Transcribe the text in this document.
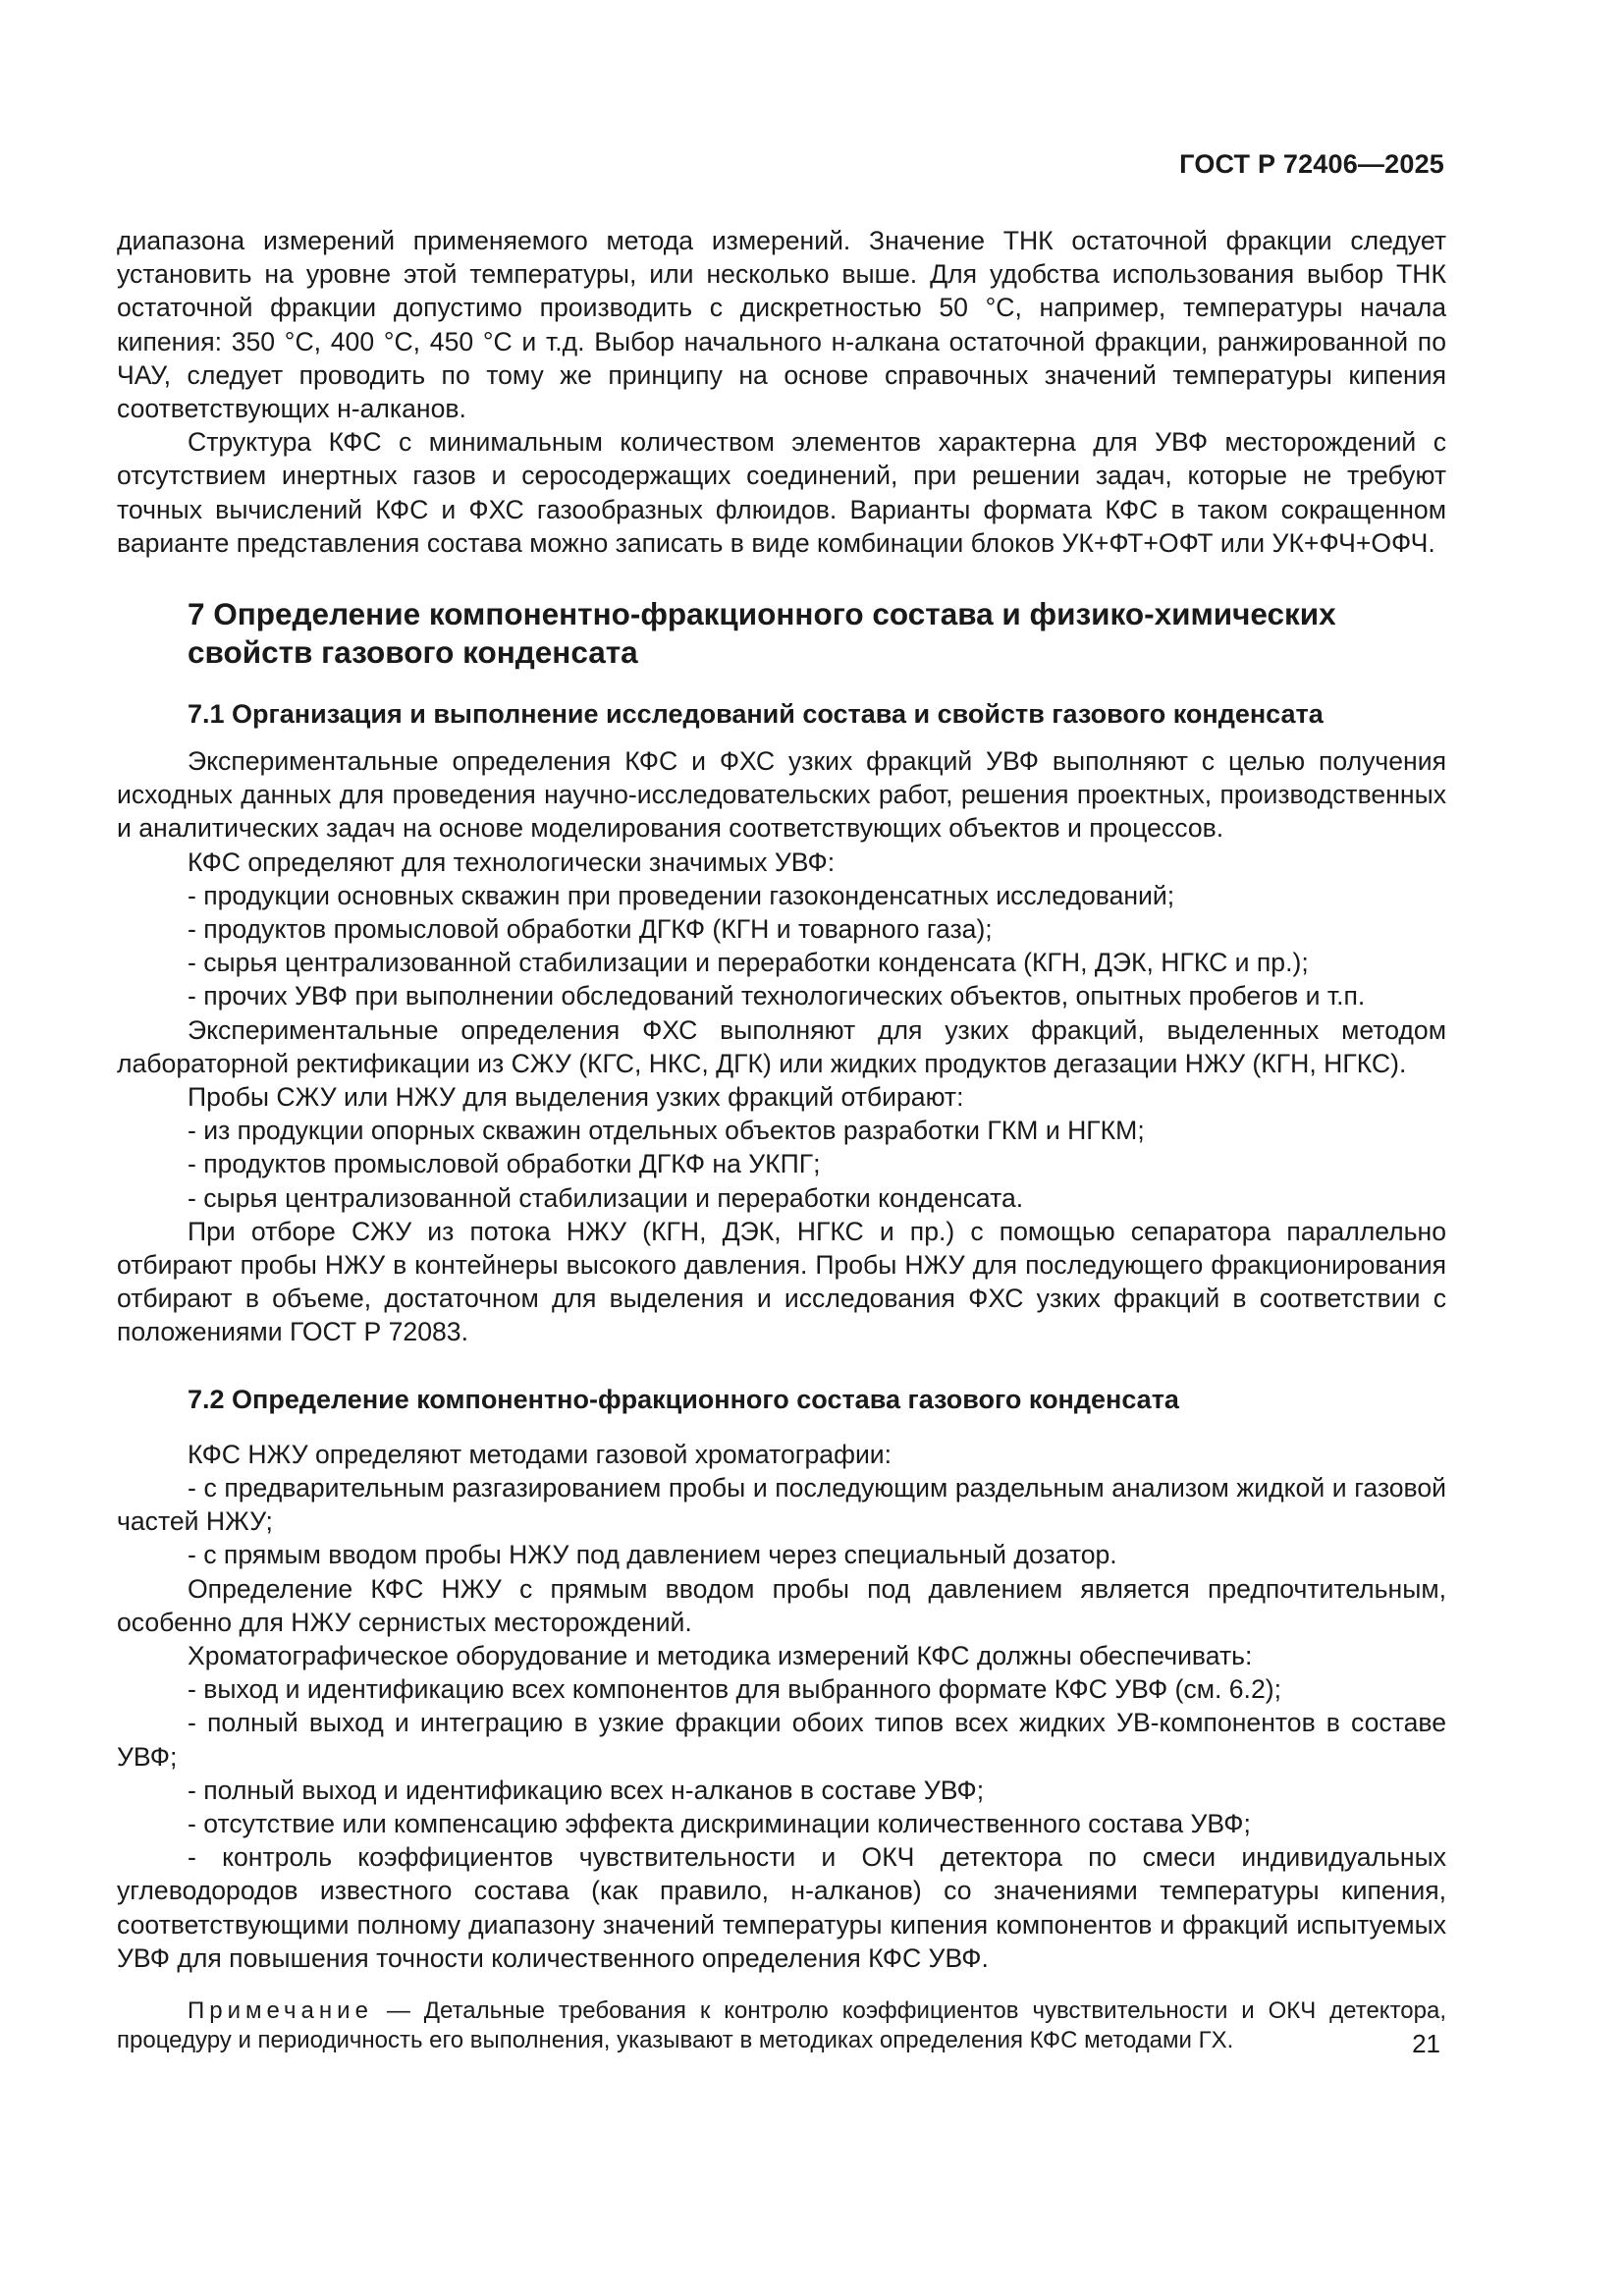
ГОСТ Р 72406—2025

диапазона измерений применяемого метода измерений. Значение ТНК остаточной фракции следует установить на уровне этой температуры, или несколько выше. Для удобства использования выбор ТНК остаточной фракции допустимо производить с дискретностью 50 °С, например, температуры начала кипения: 350 °С, 400 °С, 450 °С и т.д. Выбор начального н-алкана остаточной фракции, ранжированной по ЧАУ, следует проводить по тому же принципу на основе справочных значений температуры кипения соответствующих н-алканов.

Структура КФС с минимальным количеством элементов характерна для УВФ месторождений с отсутствием инертных газов и серосодержащих соединений, при решении задач, которые не требуют точных вычислений КФС и ФХС газообразных флюидов. Варианты формата КФС в таком сокращенном варианте представления состава можно записать в виде комбинации блоков УК+ФТ+ОФТ или УК+ФЧ+ОФЧ.

7 Определение компонентно-фракционного состава и физико-химических свойств газового конденсата
7.1 Организация и выполнение исследований состава и свойств газового конденсата

Экспериментальные определения КФС и ФХС узких фракций УВФ выполняют с целью получения исходных данных для проведения научно-исследовательских работ, решения проектных, производственных и аналитических задач на основе моделирования соответствующих объектов и процессов.

КФС определяют для технологически значимых УВФ:

- продукции основных скважин при проведении газоконденсатных исследований;

- продуктов промысловой обработки ДГКФ (КГН и товарного газа);

- сырья централизованной стабилизации и переработки конденсата (КГН, ДЭК, НГКС и пр.);

- прочих УВФ при выполнении обследований технологических объектов, опытных пробегов и т.п.

Экспериментальные определения ФХС выполняют для узких фракций, выделенных методом лабораторной ректификации из СЖУ (КГС, НКС, ДГК) или жидких продуктов дегазации НЖУ (КГН, НГКС).

Пробы СЖУ или НЖУ для выделения узких фракций отбирают:

- из продукции опорных скважин отдельных объектов разработки ГКМ и НГКМ;

- продуктов промысловой обработки ДГКФ на УКПГ;

- сырья централизованной стабилизации и переработки конденсата.

При отборе СЖУ из потока НЖУ (КГН, ДЭК, НГКС и пр.) с помощью сепаратора параллельно отбирают пробы НЖУ в контейнеры высокого давления. Пробы НЖУ для последующего фракционирования отбирают в объеме, достаточном для выделения и исследования ФХС узких фракций в соответствии с положениями ГОСТ Р 72083.

7.2 Определение компонентно-фракционного состава газового конденсата

КФС НЖУ определяют методами газовой хроматографии:

- с предварительным разгазированием пробы и последующим раздельным анализом жидкой и газовой частей НЖУ;

- с прямым вводом пробы НЖУ под давлением через специальный дозатор.

Определение КФС НЖУ с прямым вводом пробы под давлением является предпочтительным, особенно для НЖУ сернистых месторождений.

Хроматографическое оборудование и методика измерений КФС должны обеспечивать:

- выход и идентификацию всех компонентов для выбранного формате КФС УВФ (см. 6.2);

- полный выход и интеграцию в узкие фракции обоих типов всех жидких УВ-компонентов в составе УВФ;

- полный выход и идентификацию всех н-алканов в составе УВФ;

- отсутствие или компенсацию эффекта дискриминации количественного состава УВФ;

- контроль коэффициентов чувствительности и ОКЧ детектора по смеси индивидуальных углеводородов известного состава (как правило, н-алканов) со значениями температуры кипения, соответствующими полному диапазону значений температуры кипения компонентов и фракций испытуемых УВФ для повышения точности количественного определения КФС УВФ.

Примечание — Детальные требования к контролю коэффициентов чувствительности и ОКЧ детектора, процедуру и периодичность его выполнения, указывают в методиках определения КФС методами ГХ.	21
